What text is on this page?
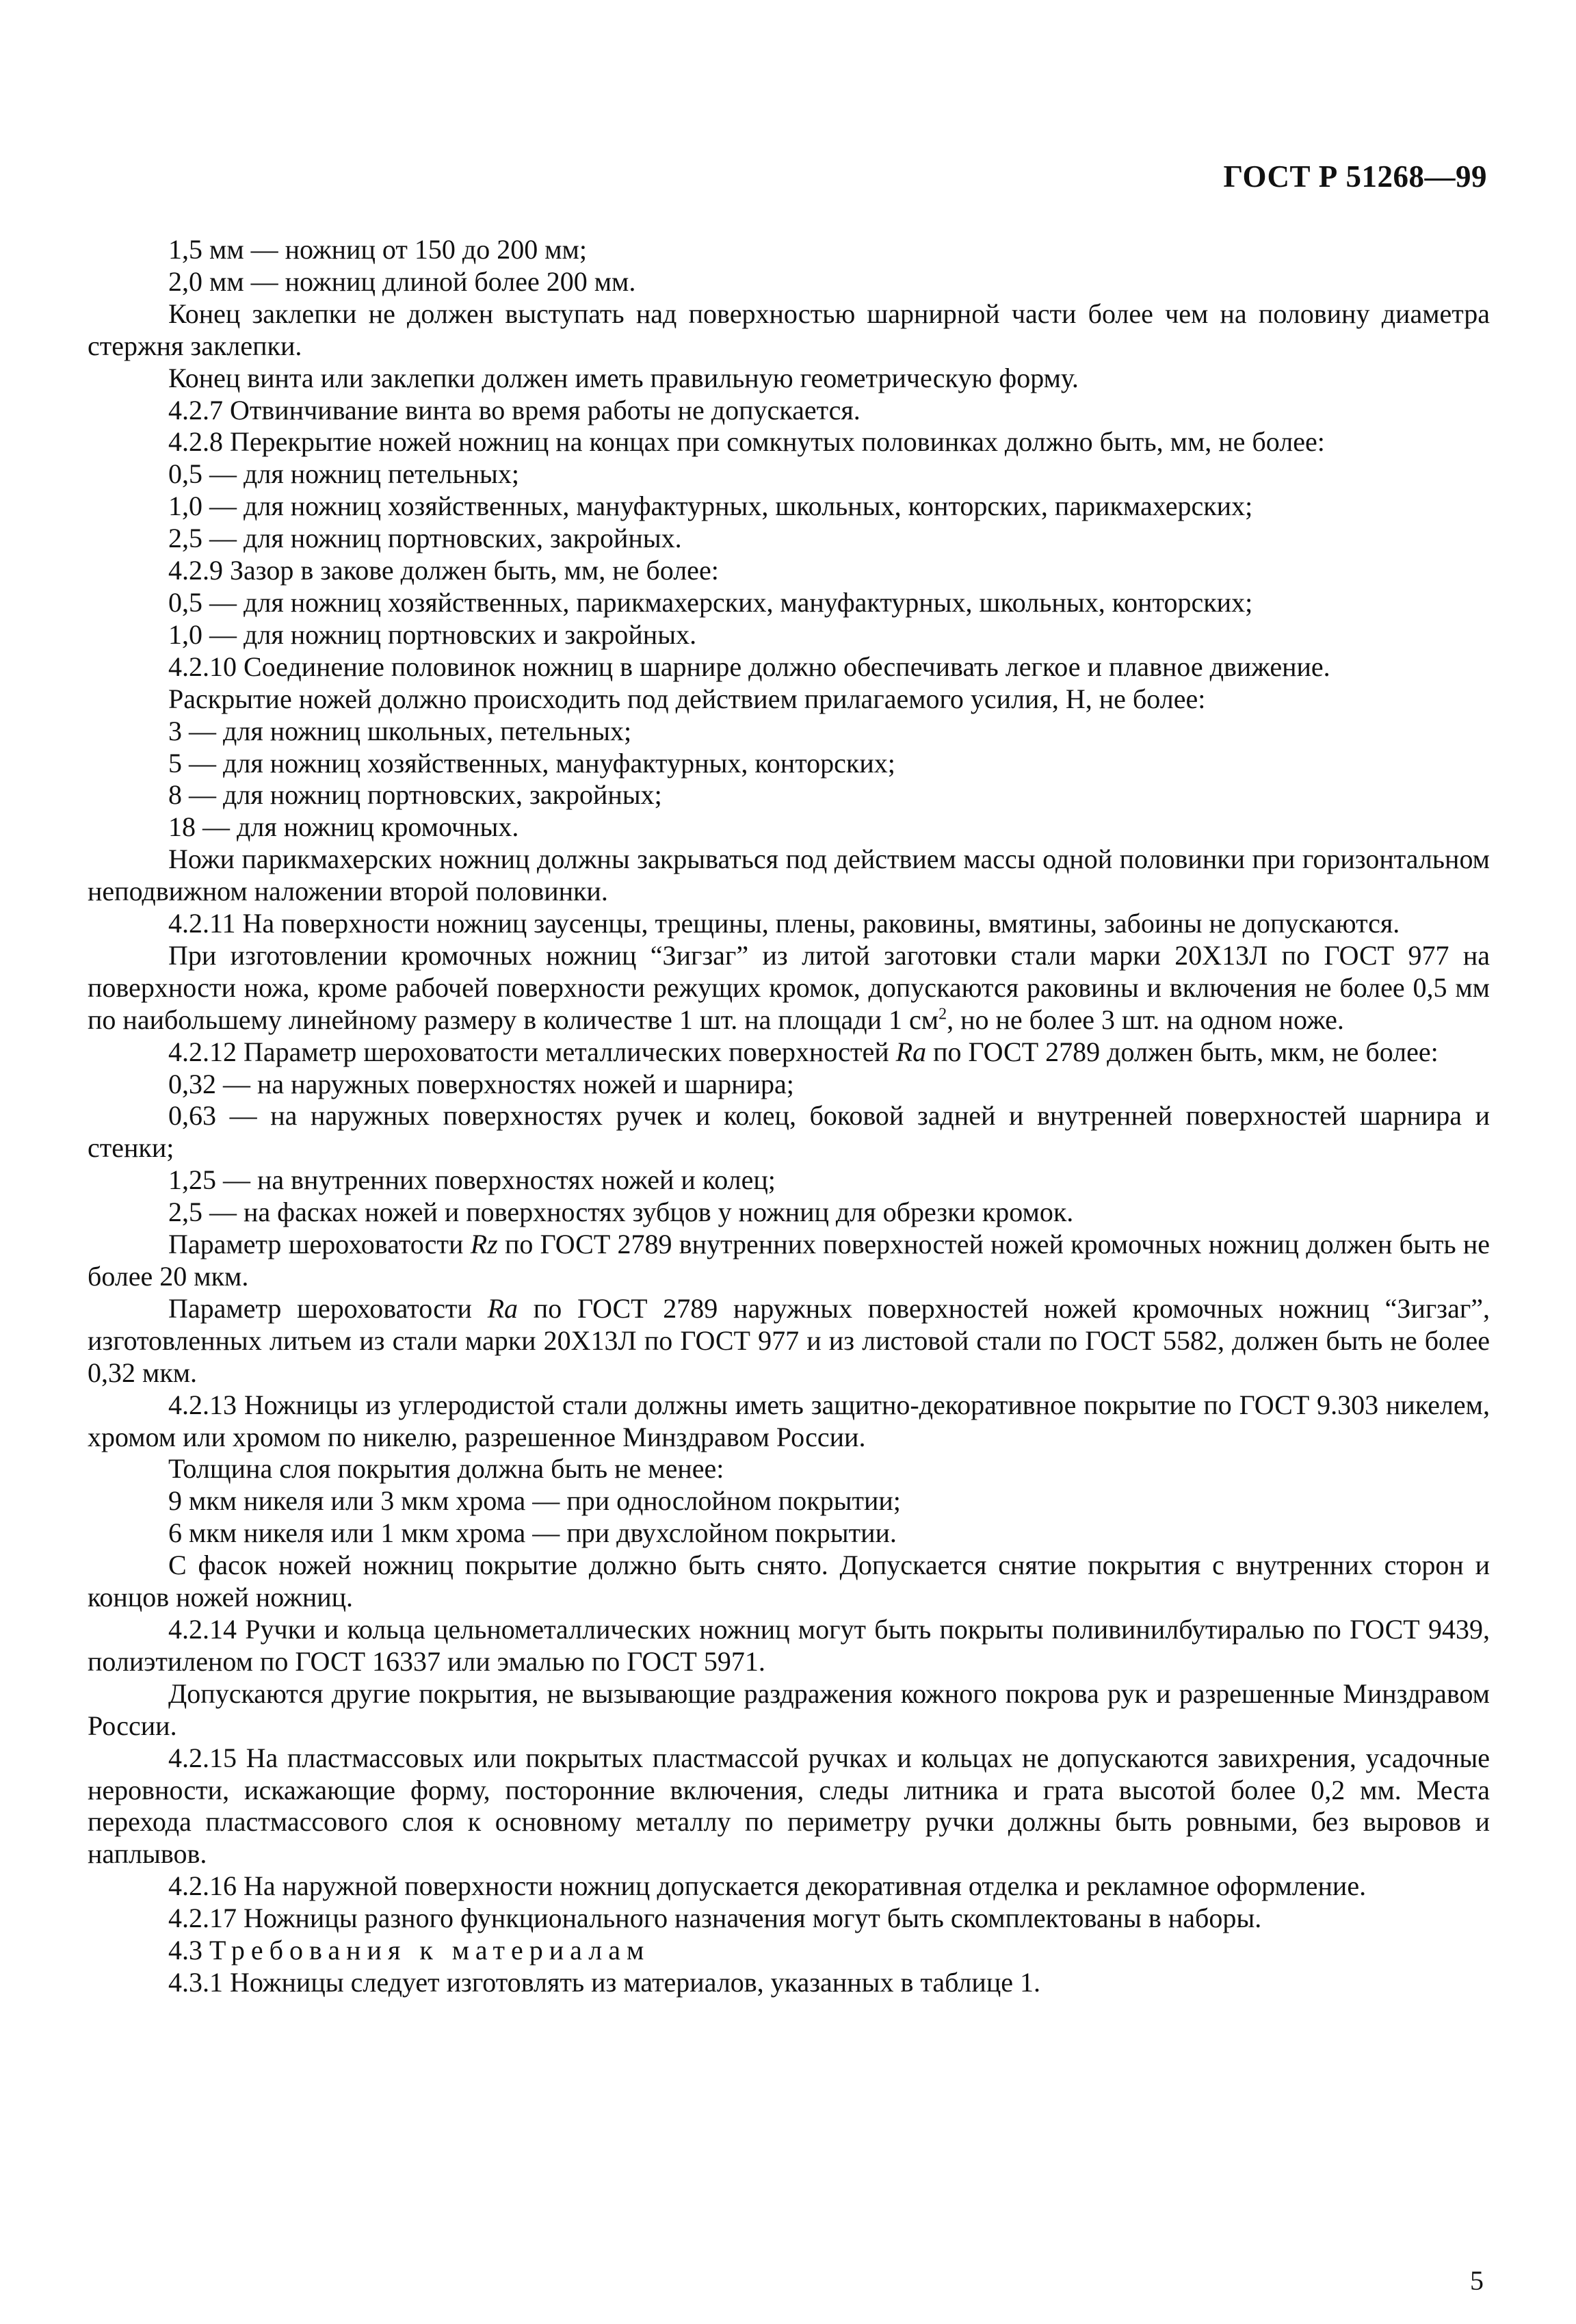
ГОСТ Р 51268—99

1,5 мм — ножниц от 150 до 200 мм;

2,0 мм — ножниц длиной более 200 мм.

Конец заклепки не должен выступать над поверхностью шарнирной части более чем на половину диаметра стержня заклепки.

Конец винта или заклепки должен иметь правильную геометрическую форму.

4.2.7 Отвинчивание винта во время работы не допускается.

4.2.8 Перекрытие ножей ножниц на концах при сомкнутых половинках должно быть, мм, не более:

0,5 — для ножниц петельных;

1,0 — для ножниц хозяйственных, мануфактурных, школьных, конторских, парикмахерских;

2,5 — для ножниц портновских, закройных.

4.2.9 Зазор в закове должен быть, мм, не более:

0,5 — для ножниц хозяйственных, парикмахерских, мануфактурных, школьных, конторских;

1,0 — для ножниц портновских и закройных.

4.2.10 Соединение половинок ножниц в шарнире должно обеспечивать легкое и плавное движение.

Раскрытие ножей должно происходить под действием прилагаемого усилия, Н, не более:

3 — для ножниц школьных, петельных;

5 — для ножниц хозяйственных, мануфактурных, конторских;

8 — для ножниц портновских, закройных;

18 — для ножниц кромочных.

Ножи парикмахерских ножниц должны закрываться под действием массы одной половинки при горизонтальном неподвижном наложении второй половинки.

4.2.11 На поверхности ножниц заусенцы, трещины, плены, раковины, вмятины, забоины не допускаются.

При изготовлении кромочных ножниц “Зигзаг” из литой заготовки стали марки 20Х13Л по ГОСТ 977 на поверхности ножа, кроме рабочей поверхности режущих кромок, допускаются раковины и включения не более 0,5 мм по наибольшему линейному размеру в количестве 1 шт. на площади 1 $см^2$, но не более 3 шт. на одном ноже.

4.2.12 Параметр шероховатости металлических поверхностей Ra по ГОСТ 2789 должен быть, мкм, не более:

0,32 — на наружных поверхностях ножей и шарнира;

0,63 — на наружных поверхностях ручек и колец, боковой задней и внутренней поверхностей шарнира и стенки;

1,25 — на внутренних поверхностях ножей и колец;

2,5 — на фасках ножей и поверхностях зубцов у ножниц для обрезки кромок.

Параметр шероховатости Rz по ГОСТ 2789 внутренних поверхностей ножей кромочных ножниц должен быть не более 20 мкм.

Параметр шероховатости Ra по ГОСТ 2789 наружных поверхностей ножей кромочных ножниц “Зигзаг”, изготовленных литьем из стали марки 20Х13Л по ГОСТ 977 и из листовой стали по ГОСТ 5582, должен быть не более 0,32 мкм.

4.2.13 Ножницы из углеродистой стали должны иметь защитно-декоративное покрытие по ГОСТ 9.303 никелем, хромом или хромом по никелю, разрешенное Минздравом России.

Толщина слоя покрытия должна быть не менее:

9 мкм никеля или 3 мкм хрома — при однослойном покрытии;

6 мкм никеля или 1 мкм хрома — при двухслойном покрытии.

С фасок ножей ножниц покрытие должно быть снято. Допускается снятие покрытия с внутренних сторон и концов ножей ножниц.

4.2.14 Ручки и кольца цельнометаллических ножниц могут быть покрыты поливинилбутиралью по ГОСТ 9439, полиэтиленом по ГОСТ 16337 или эмалью по ГОСТ 5971.

Допускаются другие покрытия, не вызывающие раздражения кожного покрова рук и разрешенные Минздравом России.

4.2.15 На пластмассовых или покрытых пластмассой ручках и кольцах не допускаются завихрения, усадочные неровности, искажающие форму, посторонние включения, следы литника и грата высотой более 0,2 мм. Места перехода пластмассового слоя к основному металлу по периметру ручки должны быть ровными, без выровов и наплывов.

4.2.16 На наружной поверхности ножниц допускается декоративная отделка и рекламное оформление.

4.2.17 Ножницы разного функционального назначения могут быть скомплектованы в наборы.

4.3 Требования к материалам

4.3.1 Ножницы следует изготовлять из материалов, указанных в таблице 1.

5
